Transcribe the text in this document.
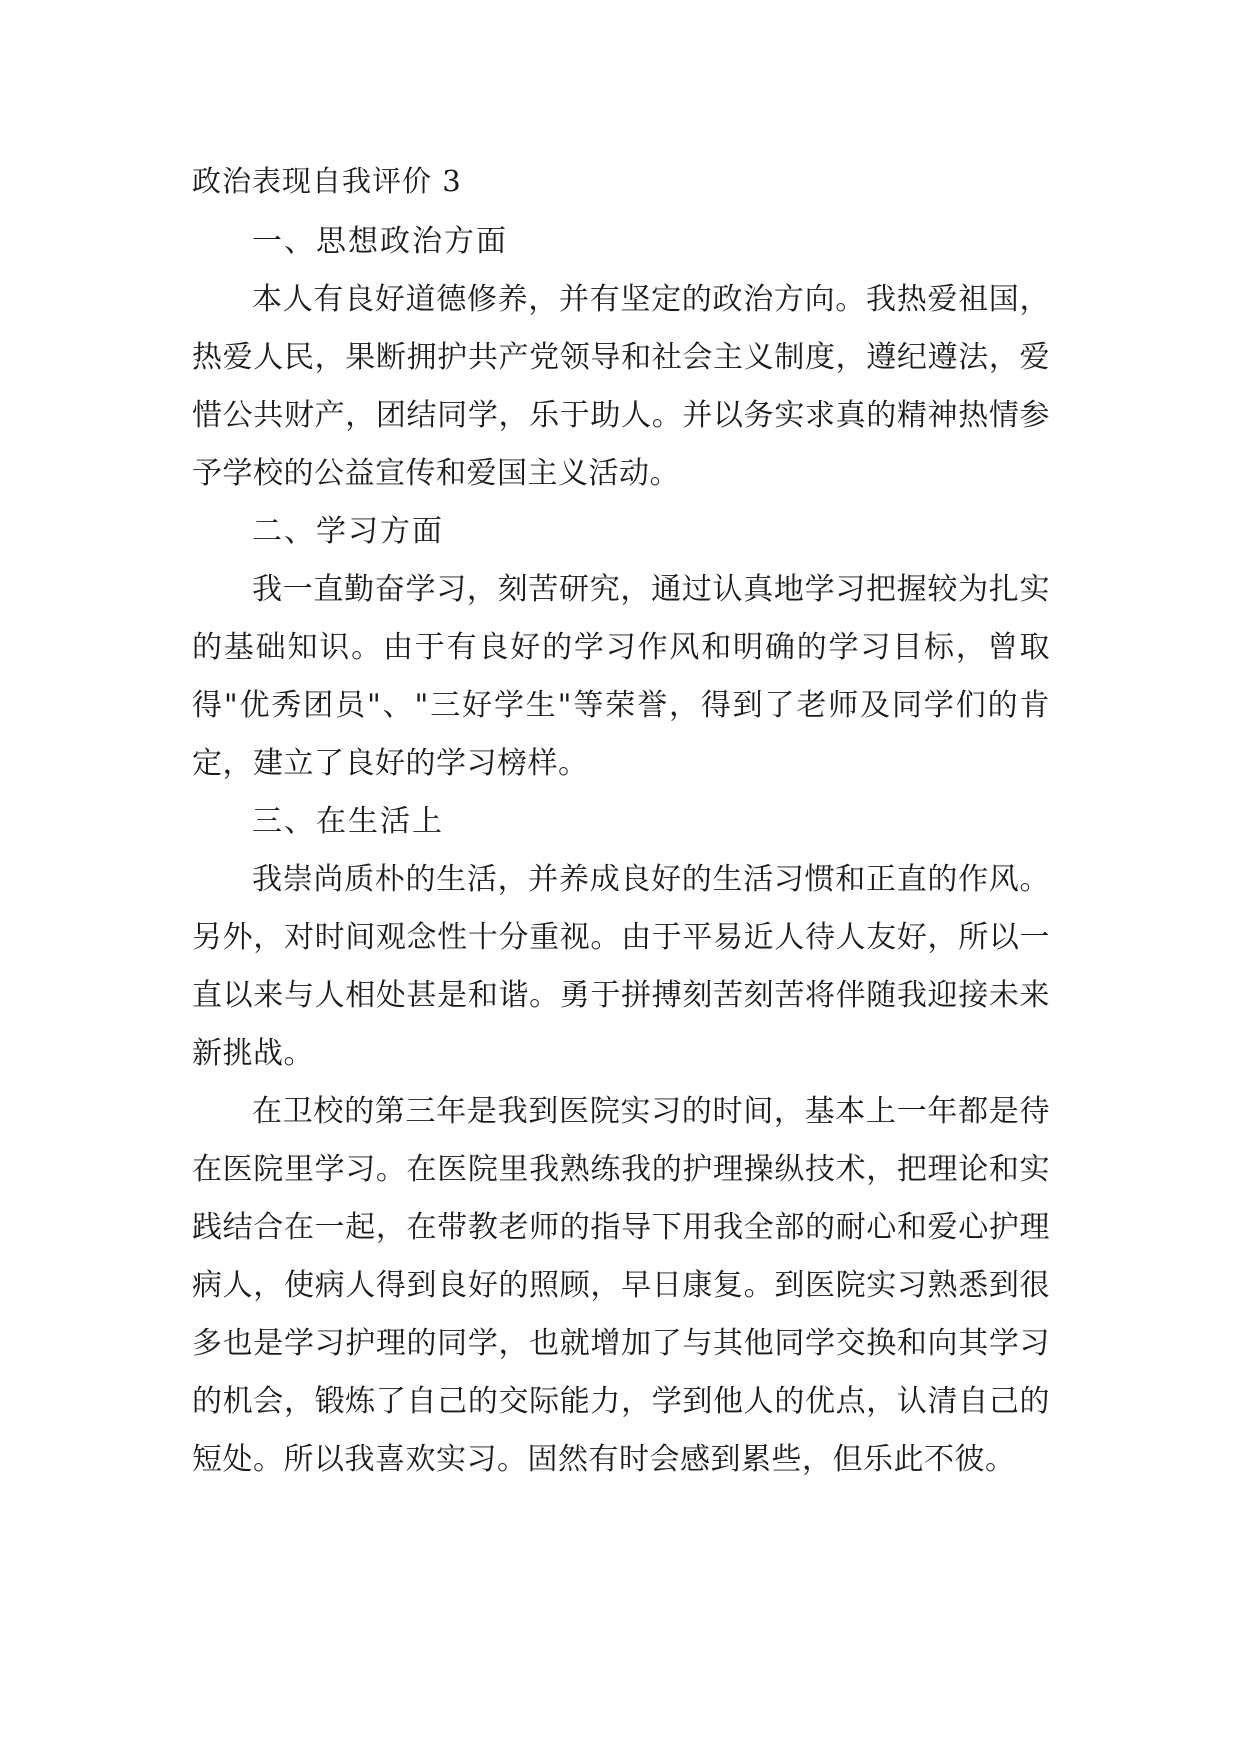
政治表现自我评价 3

一、思想政治方面

本人有良好道德修养，并有坚定的政治方向。我热爱祖国，热爱人民，果断拥护共产党领导和社会主义制度，遵纪遵法，爱惜公共财产，团结同学，乐于助人。并以务实求真的精神热情参予学校的公益宣传和爱国主义活动。

二、学习方面

我一直勤奋学习，刻苦研究，通过认真地学习把握较为扎实的基础知识。由于有良好的学习作风和明确的学习目标，曾取得"优秀团员"、"三好学生"等荣誉，得到了老师及同学们的肯定，建立了良好的学习榜样。

三、在生活上

我崇尚质朴的生活，并养成良好的生活习惯和正直的作风。另外，对时间观念性十分重视。由于平易近人待人友好，所以一直以来与人相处甚是和谐。勇于拼搏刻苦刻苦将伴随我迎接未来新挑战。

在卫校的第三年是我到医院实习的时间，基本上一年都是待在医院里学习。在医院里我熟练我的护理操纵技术，把理论和实践结合在一起，在带教老师的指导下用我全部的耐心和爱心护理病人，使病人得到良好的照顾，早日康复。到医院实习熟悉到很多也是学习护理的同学，也就增加了与其他同学交换和向其学习的机会，锻炼了自己的交际能力，学到他人的优点，认清自己的短处。所以我喜欢实习。固然有时会感到累些，但乐此不彼。
